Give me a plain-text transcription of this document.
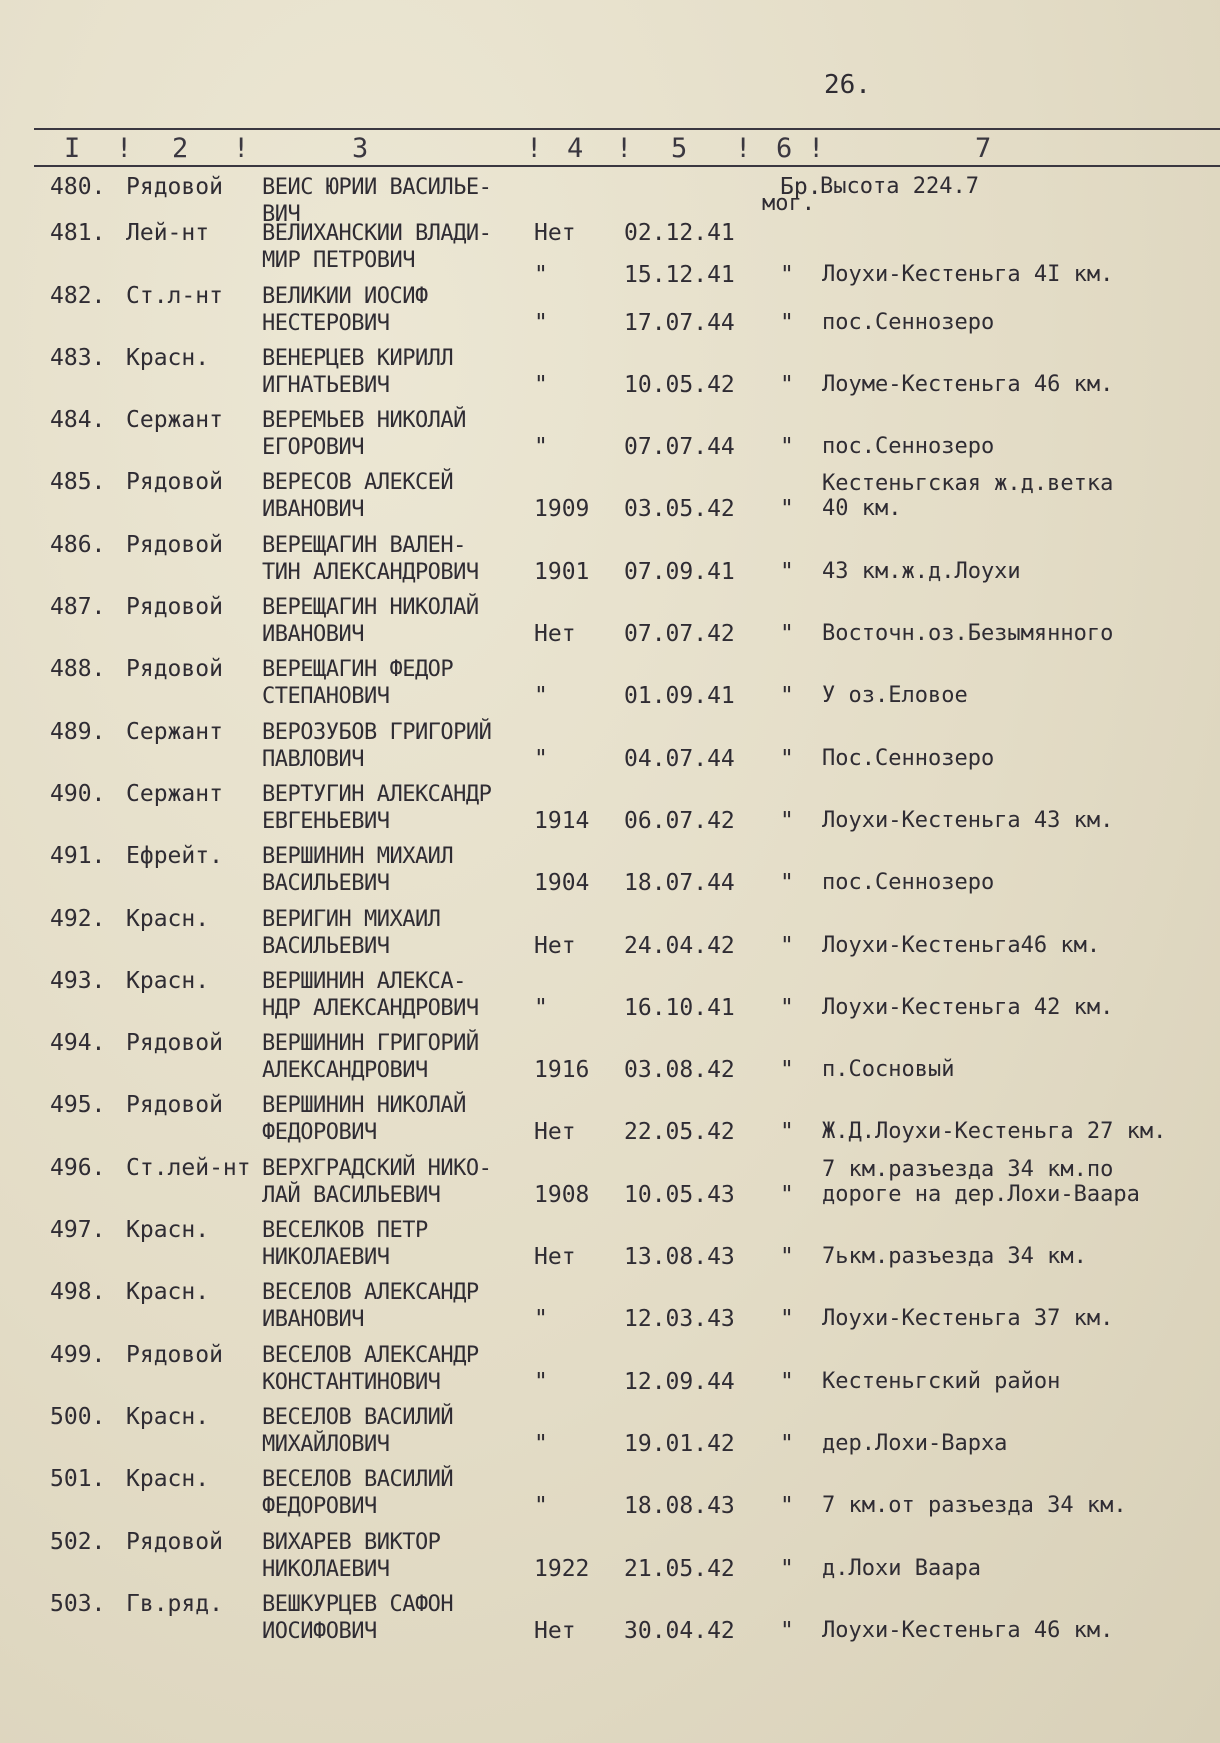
26.
I ! 2 !	3	! 4 ! 5 ! 6 !	7
480. Рядовой ВЕИС ЮРИИ ВАСИЛЬЕ-
ВИЧ
Бр.
Высота 224.7
мог.
481. Лей-нт ВЕЛИХАНСКИИ ВЛАДИ-
МИР ПЕТРОВИЧ
Нет 02.12.41
"	15.12.41 " Лоухи-Кестеньга 4I км.
482. Ст.л-нт ВЕЛИКИИ ИОСИФ
НЕСТЕРОВИЧ	"	17.07.44 " пос.Сеннозеро
483. Красн. ВЕНЕРЦЕВ КИРИЛЛ
ИГНАТЬЕВИЧ	"	10.05.42 " Лоуме-Кестеньга 46 км.
484. Сержант ВЕРЕМЬЕВ НИКОЛАЙ
ЕГОРОВИЧ	"	07.07.44 " пос.Сеннозеро
485. Рядовой ВЕРЕСОВ АЛЕКСЕЙ
ИВАНОВИЧ	1909 03.05.42 "
Кестеньгская ж.д.ветка
40 км.
486. Рядовой ВЕРЕЩАГИН ВАЛЕН-
ТИН АЛЕКСАНДРОВИЧ 1901 07.09.41 " 43 км.ж.д.Лоухи
487. Рядовой ВЕРЕЩАГИН НИКОЛАЙ
ИВАНОВИЧ	Нет 07.07.42 " Восточн.оз.Безымянного
488. Рядовой ВЕРЕЩАГИН ФЕДОР
СТЕПАНОВИЧ	"	01.09.41 " У оз.Еловое
489. Сержант ВЕРОЗУБОВ ГРИГОРИЙ
ПАВЛОВИЧ	"	04.07.44 " Пос.Сеннозеро
490. Сержант ВЕРТУГИН АЛЕКСАНДР
ЕВГЕНЬЕВИЧ	1914 06.07.42 " Лоухи-Кестеньга 43 км.
491. Ефрейт. ВЕРШИНИН МИХАИЛ
ВАСИЛЬЕВИЧ	1904 18.07.44 " пос.Сеннозеро
492. Красн. ВЕРИГИН МИХАИЛ
ВАСИЛЬЕВИЧ	Нет 24.04.42 " Лоухи-Кестеньга46 км.
493. Красн. ВЕРШИНИН АЛЕКСА-
НДР АЛЕКСАНДРОВИЧ "	16.10.41 " Лоухи-Кестеньга 42 км.
494. Рядовой ВЕРШИНИН ГРИГОРИЙ
АЛЕКСАНДРОВИЧ	1916 03.08.42 " п.Сосновый
495. Рядовой ВЕРШИНИН НИКОЛАЙ
ФЕДОРОВИЧ	Нет 22.05.42 " Ж.Д.Лоухи-Кестеньга 27 км.
496. Ст.лей-нт ВЕРХГРАДСКИЙ НИКО-
ЛАЙ ВАСИЛЬЕВИЧ	1908 10.05.43 "
7 км.разъезда 34 км.по
дороге на дер.Лохи-Ваара
497. Красн. ВЕСЕЛКОВ ПЕТР
НИКОЛАЕВИЧ	Нет 13.08.43 " 7ькм.разъезда 34 км.
498. Красн. ВЕСЕЛОВ АЛЕКСАНДР
ИВАНОВИЧ	"	12.03.43 " Лоухи-Кестеньга 37 км.
499. Рядовой ВЕСЕЛОВ АЛЕКСАНДР
КОНСТАНТИНОВИЧ	"	12.09.44 " Кестеньгский район
500. Красн. ВЕСЕЛОВ ВАСИЛИЙ
МИХАЙЛОВИЧ	"	19.01.42 " дер.Лохи-Варха
501. Красн. ВЕСЕЛОВ ВАСИЛИЙ
ФЕДОРОВИЧ	"	18.08.43 " 7 км.от разъезда 34 км.
502. Рядовой ВИХАРЕВ ВИКТОР
НИКОЛАЕВИЧ	1922 21.05.42 " д.Лохи Ваара
503. Гв.ряд. ВЕШКУРЦЕВ САФОН
ИОСИФОВИЧ	Нет 30.04.42 " Лоухи-Кестеньга 46 км.
